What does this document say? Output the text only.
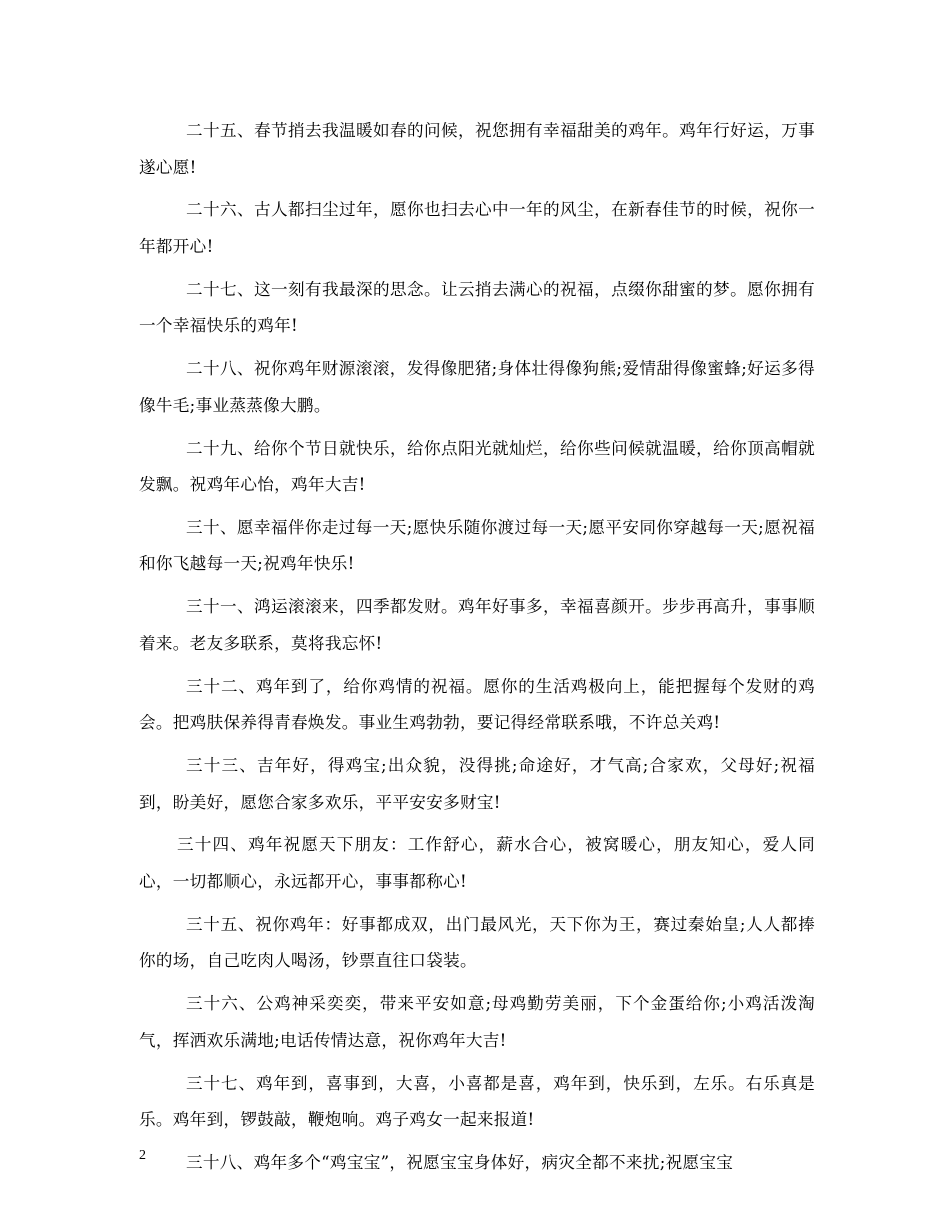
二十五、春节捎去我温暖如春的问候，祝您拥有幸福甜美的鸡年。鸡年行好运，万事遂心愿!

二十六、古人都扫尘过年，愿你也扫去心中一年的风尘，在新春佳节的时候，祝你一年都开心!

二十七、这一刻有我最深的思念。让云捎去满心的祝福，点缀你甜蜜的梦。愿你拥有一个幸福快乐的鸡年!

二十八、祝你鸡年财源滚滚，发得像肥猪;身体壮得像狗熊;爱情甜得像蜜蜂;好运多得像牛毛;事业蒸蒸像大鹏。

二十九、给你个节日就快乐，给你点阳光就灿烂，给你些问候就温暖，给你顶高帽就发飘。祝鸡年心怡，鸡年大吉!

三十、愿幸福伴你走过每一天;愿快乐随你渡过每一天;愿平安同你穿越每一天;愿祝福和你飞越每一天;祝鸡年快乐!

三十一、鸿运滚滚来，四季都发财。鸡年好事多，幸福喜颜开。步步再高升，事事顺着来。老友多联系，莫将我忘怀!

三十二、鸡年到了，给你鸡情的祝福。愿你的生活鸡极向上，能把握每个发财的鸡会。把鸡肤保养得青春焕发。事业生鸡勃勃，要记得经常联系哦，不许总关鸡!

三十三、吉年好，得鸡宝;出众貌，没得挑;命途好，才气高;合家欢，父母好;祝福到，盼美好，愿您合家多欢乐，平平安安多财宝!

三十四、鸡年祝愿天下朋友：工作舒心，薪水合心，被窝暖心，朋友知心，爱人同心，一切都顺心，永远都开心，事事都称心!

三十五、祝你鸡年：好事都成双，出门最风光，天下你为王，赛过秦始皇;人人都捧你的场，自己吃肉人喝汤，钞票直往口袋装。

三十六、公鸡神采奕奕，带来平安如意;母鸡勤劳美丽，下个金蛋给你;小鸡活泼淘气，挥洒欢乐满地;电话传情达意，祝你鸡年大吉!

三十七、鸡年到，喜事到，大喜，小喜都是喜，鸡年到，快乐到，左乐。右乐真是乐。鸡年到，锣鼓敲，鞭炮响。鸡子鸡女一起来报道!

三十八、鸡年多个“鸡宝宝”，祝愿宝宝身体好，病灾全都不来扰;祝愿宝宝

2
